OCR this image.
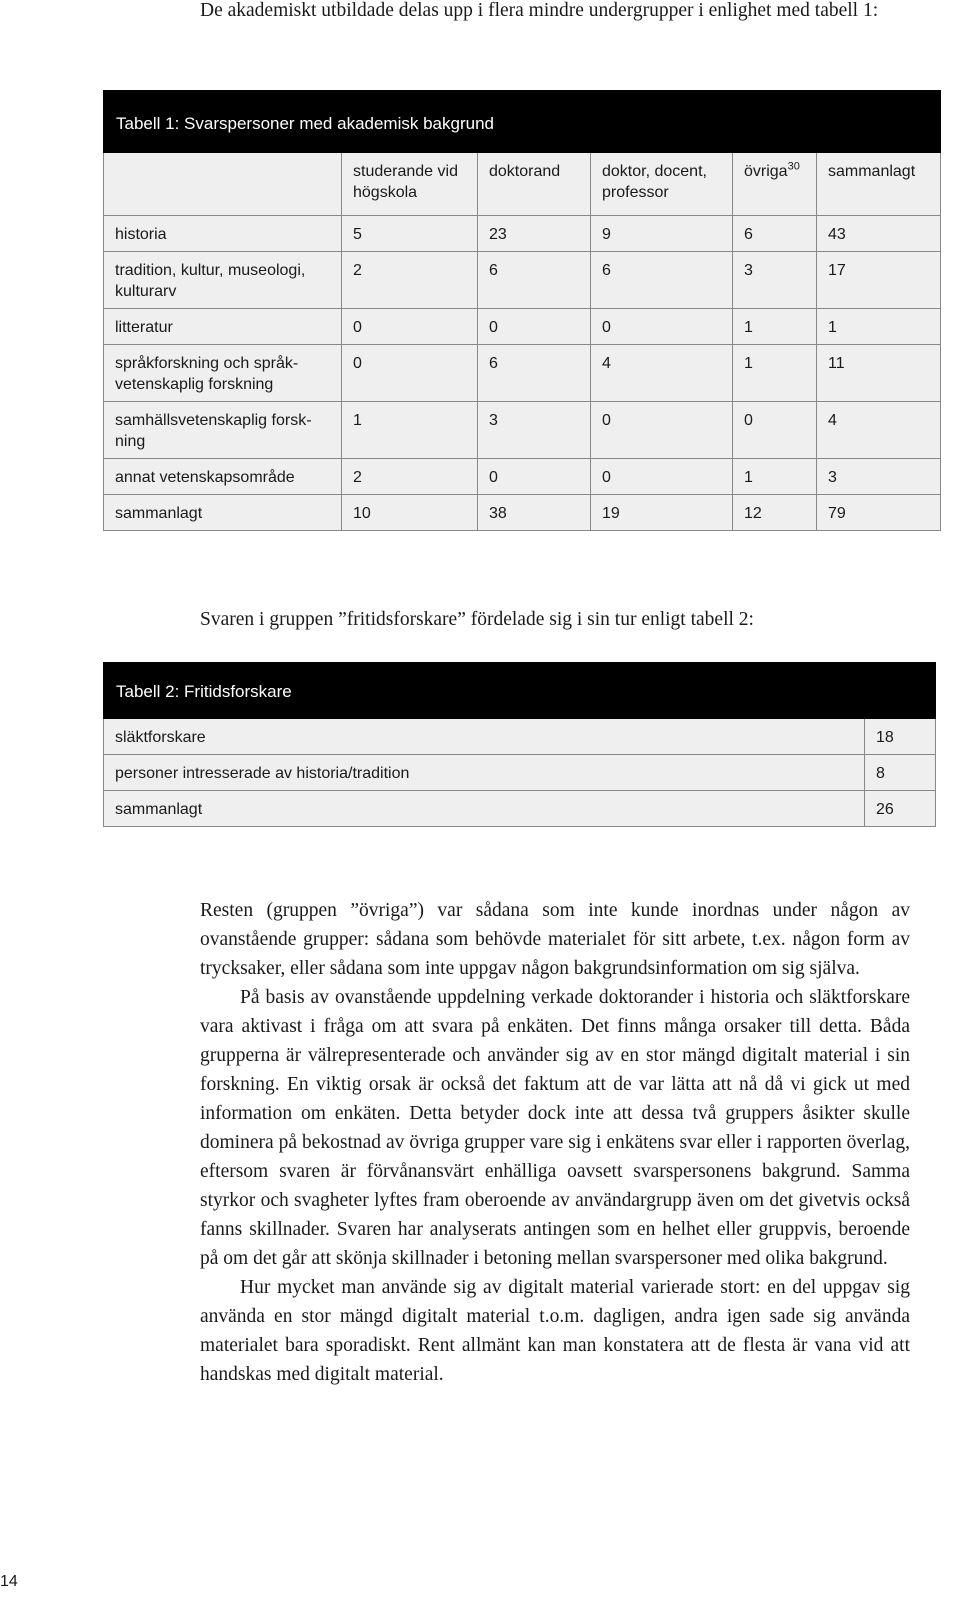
De akademiskt utbildade delas upp i flera mindre undergrupper i enlighet med tabell 1:

Tabell 1: Svarspersoner med akademisk bakgrund					
	studerande vid högskola	doktorand	doktor, docent, professor	övriga$^{30}$	sammanlagt
historia	5	23	9	6	43
tradition, kultur, museologi, kulturarv	2	6	6	3	17
litteratur	0	0	0	1	1
språkforskning och språkvetenskaplig forskning	0	6	4	1	11
samhällsvetenskaplig forskning	1	3	0	0	4
annat vetenskapsområde	2	0	0	1	3
sammanlagt	10	38	19	12	79

Svaren i gruppen ”fritidsforskare” fördelade sig i sin tur enligt tabell 2:

Tabell 2: Fritidsforskare	
släktforskare	18
personer intresserade av historia/tradition	8
sammanlagt	26

Resten (gruppen ”övriga”) var sådana som inte kunde inordnas under någon av ovanstående grupper: sådana som behövde materialet för sitt arbete, t.ex. någon form av trycksaker, eller sådana som inte uppgav någon bakgrundsinformation om sig själva.

På basis av ovanstående uppdelning verkade doktorander i historia och släktforskare vara aktivast i fråga om att svara på enkäten. Det finns många orsaker till detta. Båda grupperna är välrepresenterade och använder sig av en stor mängd digitalt material i sin forskning. En viktig orsak är också det faktum att de var lätta att nå då vi gick ut med information om enkäten. Detta betyder dock inte att dessa två gruppers åsikter skulle dominera på bekostnad av övriga grupper vare sig i enkätens svar eller i rapporten överlag, eftersom svaren är förvånansvärt enhälliga oavsett svarspersonens bakgrund. Samma styrkor och svagheter lyftes fram oberoende av användargrupp även om det givetvis också fanns skillnader. Svaren har analyserats antingen som en helhet eller gruppvis, beroende på om det går att skönja skillnader i betoning mellan svarspersoner med olika bakgrund.

Hur mycket man använde sig av digitalt material varierade stort: en del uppgav sig använda en stor mängd digitalt material t.o.m. dagligen, andra igen sade sig använda materialet bara sporadiskt. Rent allmänt kan man konstatera att de flesta är vana vid att handskas med digitalt material.

14
